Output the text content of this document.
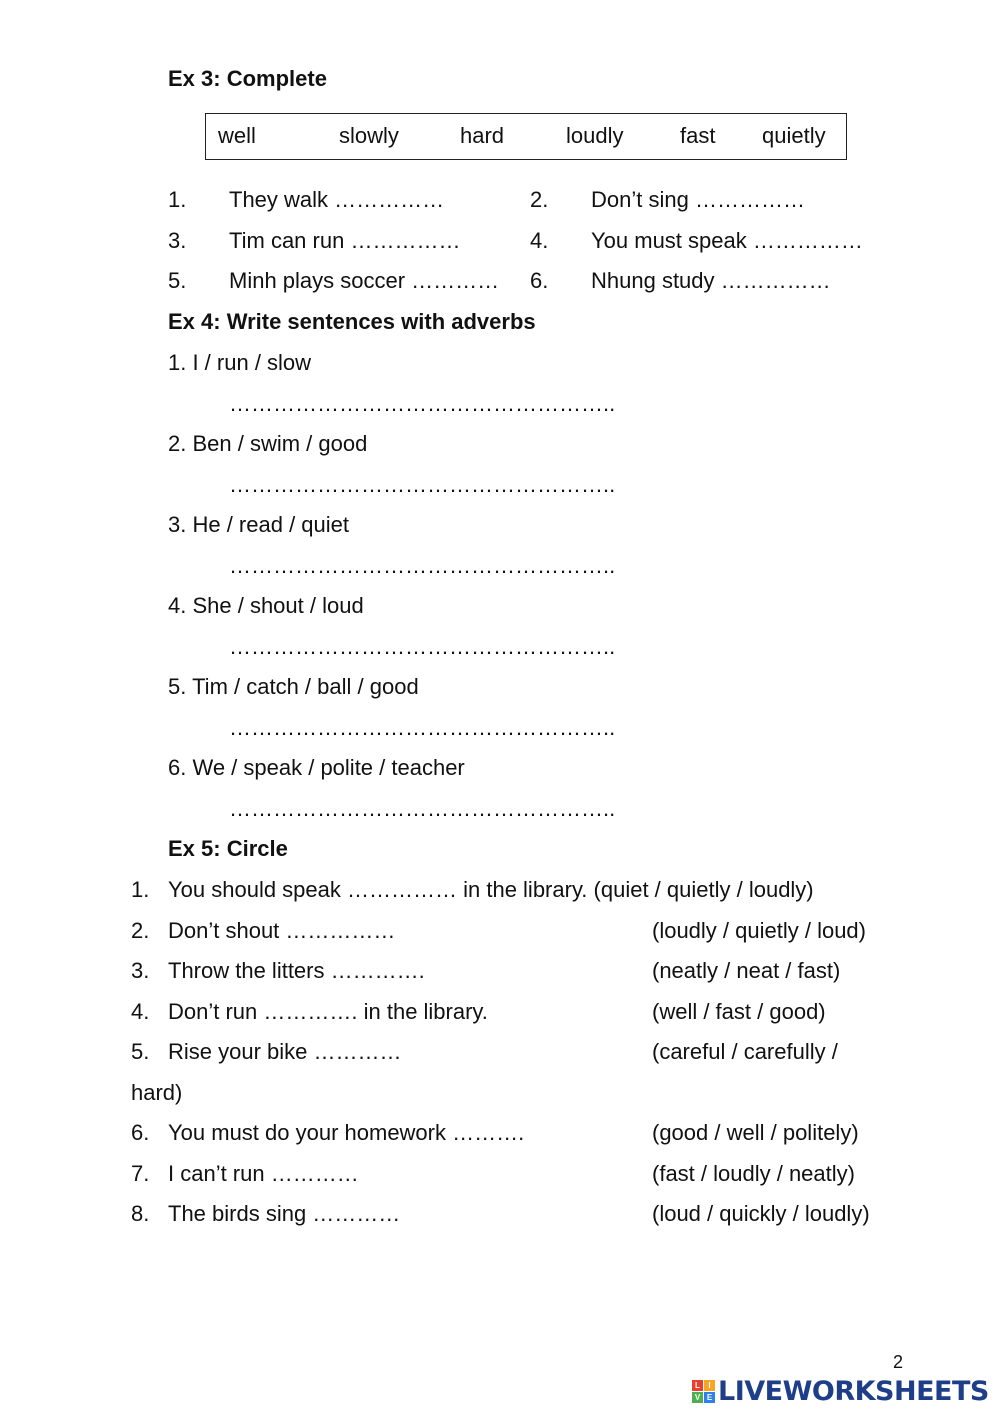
Ex 3: Complete
well	slowly	hard	loudly	fast quietly
1. They walk ……………	2. Don’t sing ……………
3. Tim can run ……………	4. You must speak ……………
5. Minh plays soccer ………… 6. Nhung study ……………
Ex 4: Write sentences with adverbs
1. I / run / slow
……………………………………………..
2. Ben / swim / good
……………………………………………..
3. He / read / quiet
……………………………………………..
4. She / shout / loud
……………………………………………..
5. Tim / catch / ball / good
……………………………………………..
6. We / speak / polite / teacher
……………………………………………..
Ex 5: Circle
1. You should speak …………… in the library. (quiet / quietly / loudly)
2. Don’t shout ……………	(loudly / quietly / loud)
3. Throw the litters ………….	(neatly / neat / fast)
4. Don’t run …………. in the library.	(well / fast / good)
5. Rise your bike …………	(careful / carefully /
hard)
6. You must do your homework ……….	(good / well / politely)
7. I can’t run …………	(fast / loudly / neatly)
8. The birds sing …………	(loud / quickly / loudly)
2
L	I
V E LIVEWORKSHEETS
